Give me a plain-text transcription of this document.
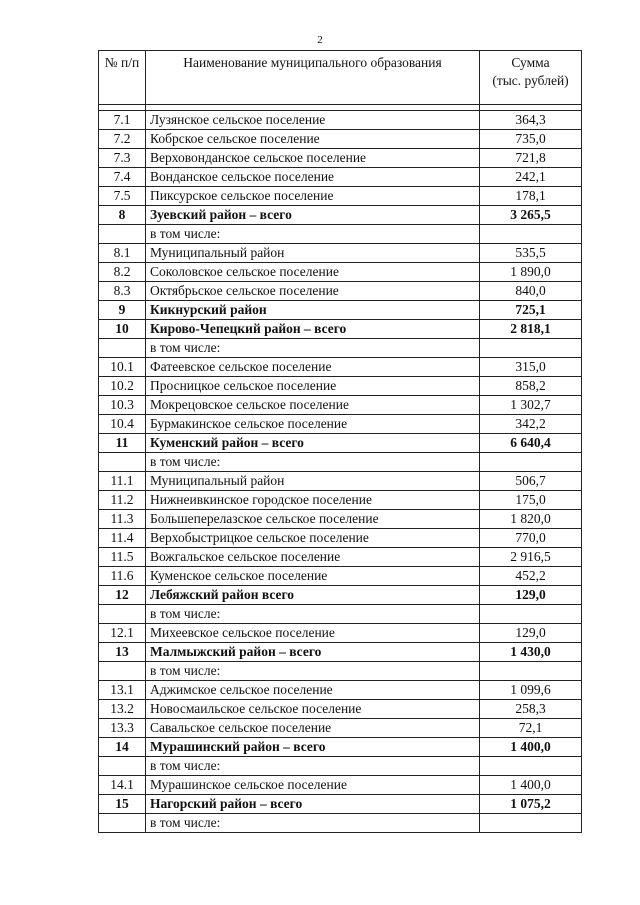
2
№ п/п	Наименование муниципального образования	Сумма
(тыс. рублей)

7.1	Лузянское сельское поселение	364,3
7.2	Кобрское сельское поселение	735,0
7.3	Верховонданское сельское поселение	721,8
7.4	Вонданское сельское поселение	242,1
7.5	Пиксурское сельское поселение	178,1
8	Зуевский район – всего	3 265,5
	в том числе:	
8.1	Муниципальный район	535,5
8.2	Соколовское сельское поселение	1 890,0
8.3	Октябрьское сельское поселение	840,0
9	Кикнурский район	725,1
10	Кирово-Чепецкий район – всего	2 818,1
	в том числе:	
10.1	Фатеевское сельское поселение	315,0
10.2	Просницкое сельское поселение	858,2
10.3	Мокрецовское сельское поселение	1 302,7
10.4	Бурмакинское сельское поселение	342,2
11	Куменский район – всего	6 640,4
	в том числе:	
11.1	Муниципальный район	506,7
11.2	Нижнеивкинское городское поселение	175,0
11.3	Большеперелазское сельское поселение	1 820,0
11.4	Верхобыстрицкое сельское поселение	770,0
11.5	Вожгальское сельское поселение	2 916,5
11.6	Куменское сельское поселение	452,2
12	Лебяжский район всего	129,0
	в том числе:	
12.1	Михеевское сельское поселение	129,0
13	Малмыжский район – всего	1 430,0
	в том числе:	
13.1	Аджимское сельское поселение	1 099,6
13.2	Новосмаильское сельское поселение	258,3
13.3	Савальское сельское поселение	72,1
14	Мурашинский район – всего	1 400,0
	в том числе:	
14.1	Мурашинское сельское поселение	1 400,0
15	Нагорский район – всего	1 075,2
	в том числе:	
